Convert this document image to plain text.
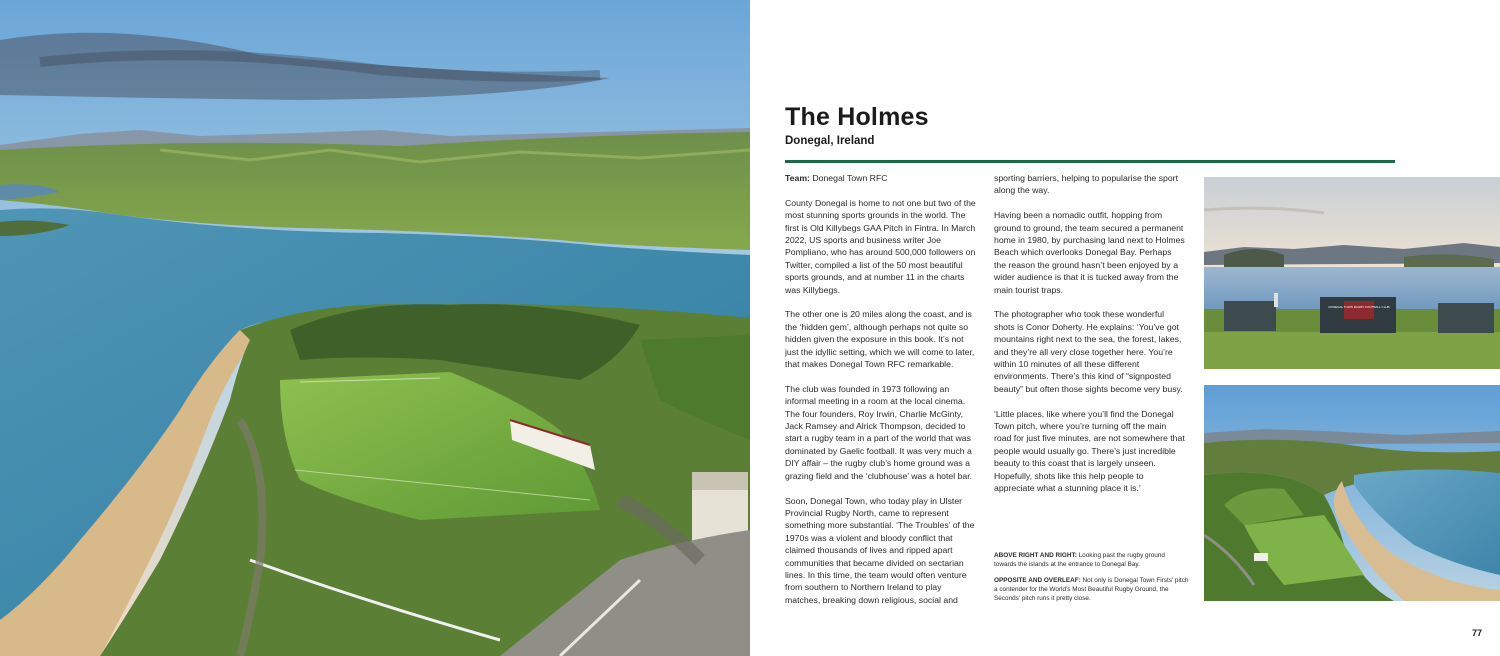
The Holmes
Donegal, Ireland

Team: Donegal Town RFC

County Donegal is home to not one but two of the most stunning sports grounds in the world. The first is Old Killybegs GAA Pitch in Fintra. In March 2022, US sports and business writer Joe Pompliano, who has around 500,000 followers on Twitter, compiled a list of the 50 most beautiful sports grounds, and at number 11 in the charts was Killybegs.

The other one is 20 miles along the coast, and is the ‘hidden gem’, although perhaps not quite so hidden given the exposure in this book. It’s not just the idyllic setting, which we will come to later, that makes Donegal Town RFC remarkable.

The club was founded in 1973 following an informal meeting in a room at the local cinema. The four founders, Roy Irwin, Charlie McGinty, Jack Ramsey and Alrick Thompson, decided to start a rugby team in a part of the world that was dominated by Gaelic football. It was very much a DIY affair – the rugby club’s home ground was a grazing field and the ‘clubhouse’ was a hotel bar.

Soon, Donegal Town, who today play in Ulster Provincial Rugby North, came to represent something more substantial. ‘The Troubles’ of the 1970s was a violent and bloody conflict that claimed thousands of lives and ripped apart communities that became divided on sectarian lines. In this time, the team would often venture from southern to Northern Ireland to play matches, breaking down religious, social and

sporting barriers, helping to popularise the sport along the way.

Having been a nomadic outfit, hopping from ground to ground, the team secured a permanent home in 1980, by purchasing land next to Holmes Beach which overlooks Donegal Bay. Perhaps the reason the ground hasn’t been enjoyed by a wider audience is that it is tucked away from the main tourist traps.

The photographer who took these wonderful shots is Conor Doherty. He explains: ‘You’ve got mountains right next to the sea, the forest, lakes, and they’re all very close together here. You’re within 10 minutes of all these different environments. There’s this kind of “signposted beauty” but often those sights become very busy.

‘Little places, like where you’ll find the Donegal Town pitch, where you’re turning off the main road for just five minutes, are not somewhere that people would usually go. There’s just incredible beauty to this coast that is largely unseen. Hopefully, shots like this help people to appreciate what a stunning place it is.’

ABOVE RIGHT AND RIGHT: Looking past the rugby ground towards the islands at the entrance to Donegal Bay.

OPPOSITE AND OVERLEAF: Not only is Donegal Town Firsts’ pitch a contender for the World’s Most Beautiful Rugby Ground, the Seconds’ pitch runs it pretty close.

77
DONEGAL TOWN RUGBY FOOTBALL CLUB
